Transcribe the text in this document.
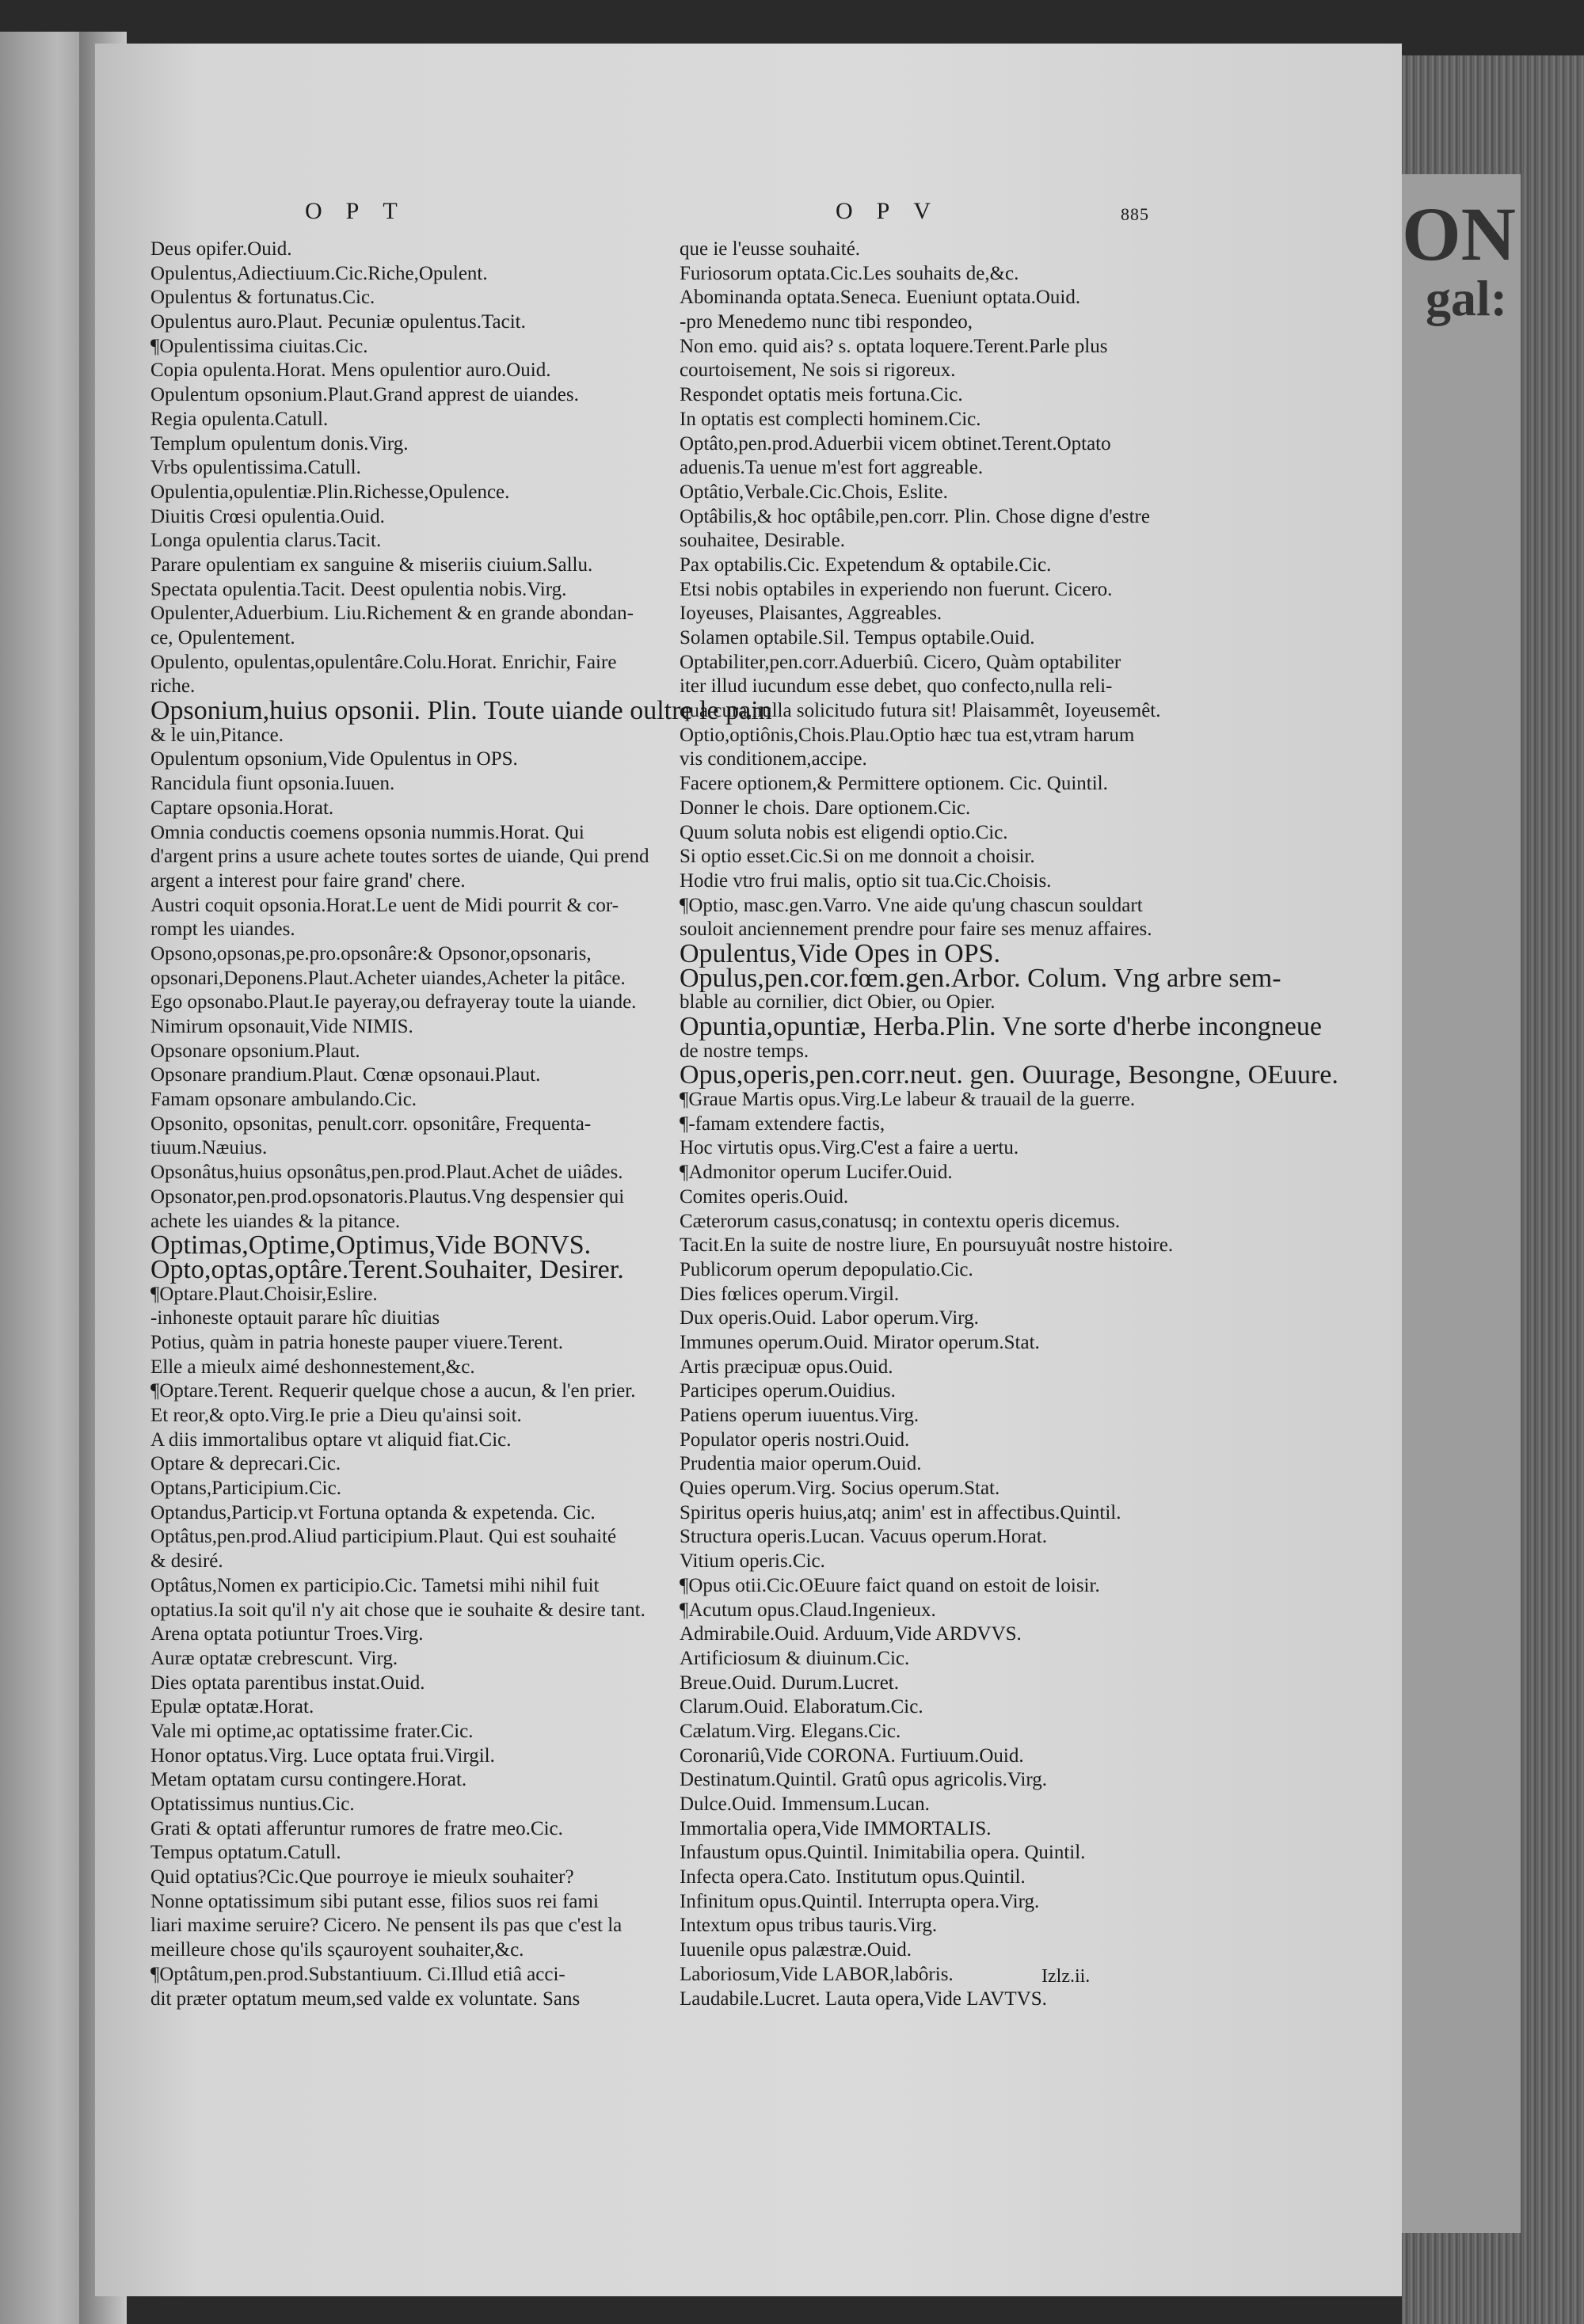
ON
gal:
OPT	OPV	885
Deus opifer.Ouid.
Opulentus,Adiectiuum.Cic.Riche,Opulent.
Opulentus & fortunatus.Cic.
Opulentus auro.Plaut. Pecuniæ opulentus.Tacit.
¶Opulentissima ciuitas.Cic.
Copia opulenta.Horat. Mens opulentior auro.Ouid.
Opulentum opsonium.Plaut.Grand apprest de uiandes.
Regia opulenta.Catull.
Templum opulentum donis.Virg.
Vrbs opulentissima.Catull.
Opulentia,opulentiæ.Plin.Richesse,Opulence.
Diuitis Crœsi opulentia.Ouid.
Longa opulentia clarus.Tacit.
Parare opulentiam ex sanguine & miseriis ciuium.Sallu.
Spectata opulentia.Tacit. Deest opulentia nobis.Virg.
Opulenter,Aduerbium. Liu.Richement & en grande abondan-
ce, Opulentement.
Opulento, opulentas,opulentâre.Colu.Horat. Enrichir, Faire
riche.
Opsonium,huius opsonii. Plin. Toute uiande oultre le pain
& le uin,Pitance.
Opulentum opsonium,Vide Opulentus in OPS.
Rancidula fiunt opsonia.Iuuen.
Captare opsonia.Horat.
Omnia conductis coemens opsonia nummis.Horat. Qui
d'argent prins a usure achete toutes sortes de uiande, Qui prend
argent a interest pour faire grand' chere.
Austri coquit opsonia.Horat.Le uent de Midi pourrit & cor-
rompt les uiandes.
Opsono,opsonas,pe.pro.opsonâre:& Opsonor,opsonaris,
opsonari,Deponens.Plaut.Acheter uiandes,Acheter la pitâce.
Ego opsonabo.Plaut.Ie payeray,ou defrayeray toute la uiande.
Nimirum opsonauit,Vide NIMIS.
Opsonare opsonium.Plaut.
Opsonare prandium.Plaut. Cœnæ opsonaui.Plaut.
Famam opsonare ambulando.Cic.
Opsonito, opsonitas, penult.corr. opsonitâre, Frequenta-
tiuum.Næuius.
Opsonâtus,huius opsonâtus,pen.prod.Plaut.Achet de uiâdes.
Opsonator,pen.prod.opsonatoris.Plautus.Vng despensier qui
achete les uiandes & la pitance.
Optimas,Optime,Optimus,Vide BONVS.
Opto,optas,optâre.Terent.Souhaiter, Desirer.
¶Optare.Plaut.Choisir,Eslire.
-inhoneste optauit parare hîc diuitias
Potius, quàm in patria honeste pauper viuere.Terent.
Elle a mieulx aimé deshonnestement,&c.
¶Optare.Terent. Requerir quelque chose a aucun, & l'en prier.
Et reor,& opto.Virg.Ie prie a Dieu qu'ainsi soit.
A diis immortalibus optare vt aliquid fiat.Cic.
Optare & deprecari.Cic.
Optans,Participium.Cic.
Optandus,Particip.vt Fortuna optanda & expetenda. Cic.
Optâtus,pen.prod.Aliud participium.Plaut. Qui est souhaité
& desiré.
Optâtus,Nomen ex participio.Cic. Tametsi mihi nihil fuit
optatius.Ia soit qu'il n'y ait chose que ie souhaite & desire tant.
Arena optata potiuntur Troes.Virg.
Auræ optatæ crebrescunt. Virg.
Dies optata parentibus instat.Ouid.
Epulæ optatæ.Horat.
Vale mi optime,ac optatissime frater.Cic.
Honor optatus.Virg. Luce optata frui.Virgil.
Metam optatam cursu contingere.Horat.
Optatissimus nuntius.Cic.
Grati & optati afferuntur rumores de fratre meo.Cic.
Tempus optatum.Catull.
Quid optatius?Cic.Que pourroye ie mieulx souhaiter?
Nonne optatissimum sibi putant esse, filios suos rei fami
liari maxime seruire? Cicero. Ne pensent ils pas que c'est la
meilleure chose qu'ils sçauroyent souhaiter,&c.
¶Optâtum,pen.prod.Substantiuum. Ci.Illud etiâ acci-
dit præter optatum meum,sed valde ex voluntate. Sans
que ie l'eusse souhaité.
Furiosorum optata.Cic.Les souhaits de,&c.
Abominanda optata.Seneca. Eueniunt optata.Ouid.
-pro Menedemo nunc tibi respondeo,
Non emo. quid ais? s. optata loquere.Terent.Parle plus
courtoisement, Ne sois si rigoreux.
Respondet optatis meis fortuna.Cic.
In optatis est complecti hominem.Cic.
Optâto,pen.prod.Aduerbii vicem obtinet.Terent.Optato
aduenis.Ta uenue m'est fort aggreable.
Optâtio,Verbale.Cic.Chois, Eslite.
Optâbilis,& hoc optâbile,pen.corr. Plin. Chose digne d'estre
souhaitee, Desirable.
Pax optabilis.Cic. Expetendum & optabile.Cic.
Etsi nobis optabiles in experiendo non fuerunt. Cicero.
Ioyeuses, Plaisantes, Aggreables.
Solamen optabile.Sil. Tempus optabile.Ouid.
Optabiliter,pen.corr.Aduerbiû. Cicero, Quàm optabiliter
iter illud iucundum esse debet, quo confecto,nulla reli-
qua cura,nulla solicitudo futura sit! Plaisammêt, Ioyeusemêt.
Optio,optiônis,Chois.Plau.Optio hæc tua est,vtram harum
vis conditionem,accipe.
Facere optionem,& Permittere optionem. Cic. Quintil.
Donner le chois. Dare optionem.Cic.
Quum soluta nobis est eligendi optio.Cic.
Si optio esset.Cic.Si on me donnoit a choisir.
Hodie vtro frui malis, optio sit tua.Cic.Choisis.
¶Optio, masc.gen.Varro. Vne aide qu'ung chascun souldart
souloit anciennement prendre pour faire ses menuz affaires.
Opulentus,Vide Opes in OPS.
Opulus,pen.cor.fœm.gen.Arbor. Colum. Vng arbre sem-
blable au cornilier, dict Obier, ou Opier.
Opuntia,opuntiæ, Herba.Plin. Vne sorte d'herbe incongneue
de nostre temps.
Opus,operis,pen.corr.neut. gen. Ouurage, Besongne, OEuure.
¶Graue Martis opus.Virg.Le labeur & trauail de la guerre.
¶-famam extendere factis,
Hoc virtutis opus.Virg.C'est a faire a uertu.
¶Admonitor operum Lucifer.Ouid.
Comites operis.Ouid.
Cæterorum casus,conatusq; in contextu operis dicemus.
Tacit.En la suite de nostre liure, En poursuyuât nostre histoire.
Publicorum operum depopulatio.Cic.
Dies fœlices operum.Virgil.
Dux operis.Ouid. Labor operum.Virg.
Immunes operum.Ouid. Mirator operum.Stat.
Artis præcipuæ opus.Ouid.
Participes operum.Ouidius.
Patiens operum iuuentus.Virg.
Populator operis nostri.Ouid.
Prudentia maior operum.Ouid.
Quies operum.Virg. Socius operum.Stat.
Spiritus operis huius,atq; anim' est in affectibus.Quintil.
Structura operis.Lucan. Vacuus operum.Horat.
Vitium operis.Cic.
¶Opus otii.Cic.OEuure faict quand on estoit de loisir.
¶Acutum opus.Claud.Ingenieux.
Admirabile.Ouid. Arduum,Vide ARDVVS.
Artificiosum & diuinum.Cic.
Breue.Ouid. Durum.Lucret.
Clarum.Ouid. Elaboratum.Cic.
Cælatum.Virg. Elegans.Cic.
Coronariû,Vide CORONA. Furtiuum.Ouid.
Destinatum.Quintil. Gratû opus agricolis.Virg.
Dulce.Ouid. Immensum.Lucan.
Immortalia opera,Vide IMMORTALIS.
Infaustum opus.Quintil. Inimitabilia opera. Quintil.
Infecta opera.Cato. Institutum opus.Quintil.
Infinitum opus.Quintil. Interrupta opera.Virg.
Intextum opus tribus tauris.Virg.
Iuuenile opus palæstræ.Ouid.
Laboriosum,Vide LABOR,labôris.
Laudabile.Lucret. Lauta opera,Vide LAVTVS.
Izlz.ii.
